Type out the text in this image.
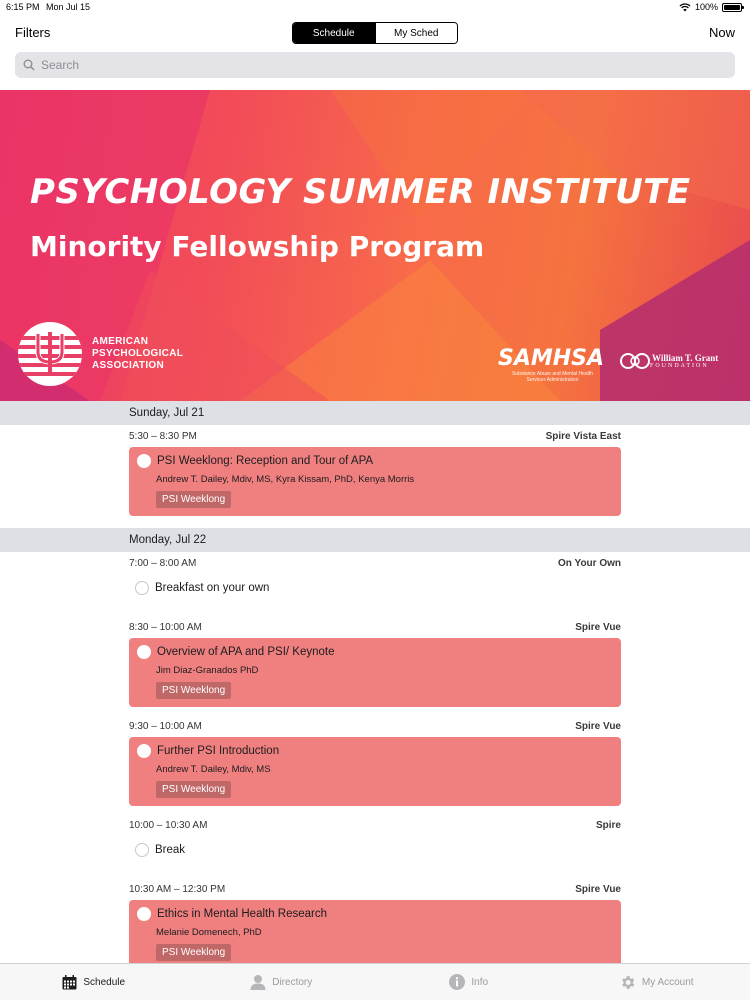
6:15 PM Mon Jul 15	100%
Filters	Schedule	My Sched	Now
Search
PSYCHOLOGY SUMMER INSTITUTE
Minority Fellowship Program
AMERICAN
PSYCHOLOGICAL
ASSOCIATION	SAMHSA
Substance Abuse and Mental Health Services Administration
William T. Grant
FOUNDATION
Sunday, Jul 21
5:30 – 8:30 PM	Spire Vista East
PSI Weeklong: Reception and Tour of APA
Andrew T. Dailey, Mdiv, MS, Kyra Kissam, PhD, Kenya Morris
PSI Weeklong
Monday, Jul 22
7:00 – 8:00 AM	On Your Own
Breakfast on your own
8:30 – 10:00 AM	Spire Vue
Overview of APA and PSI/ Keynote
Jim Diaz-Granados PhD
PSI Weeklong
9:30 – 10:00 AM	Spire Vue
Further PSI Introduction
Andrew T. Dailey, Mdiv, MS
PSI Weeklong
10:00 – 10:30 AM	Spire
Break
10:30 AM – 12:30 PM	Spire Vue
Ethics in Mental Health Research
Melanie Domenech, PhD
PSI Weeklong
Schedule	Directory	Info	My Account
